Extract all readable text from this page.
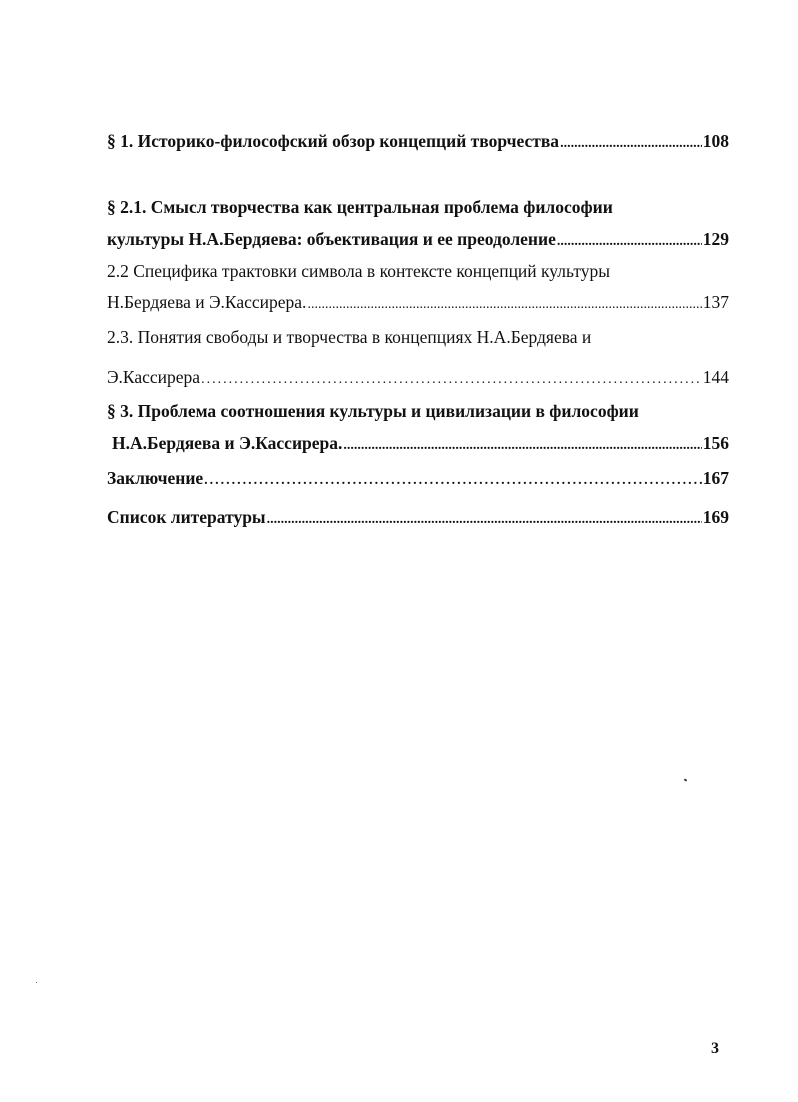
§ 1. Историко-философский обзор концепций творчества .....	108
§ 2.1. Смысл творчества как центральная проблема философии
культуры Н.А.Бердяева: объективация и ее преодоление .....	129
2.2 Специфика трактовки символа в контексте концепций культуры
Н.Бердяева и Э.Кассирера. .....	137
2.3. Понятия свободы и творчества в концепциях Н.А.Бердяева и
Э.Кассирера .....	144
§ 3. Проблема соотношения культуры и цивилизации в философии
Н.А.Бердяева и Э.Кассирера. .....	156
Заключение .....	167
Список литературы .....	169
3
